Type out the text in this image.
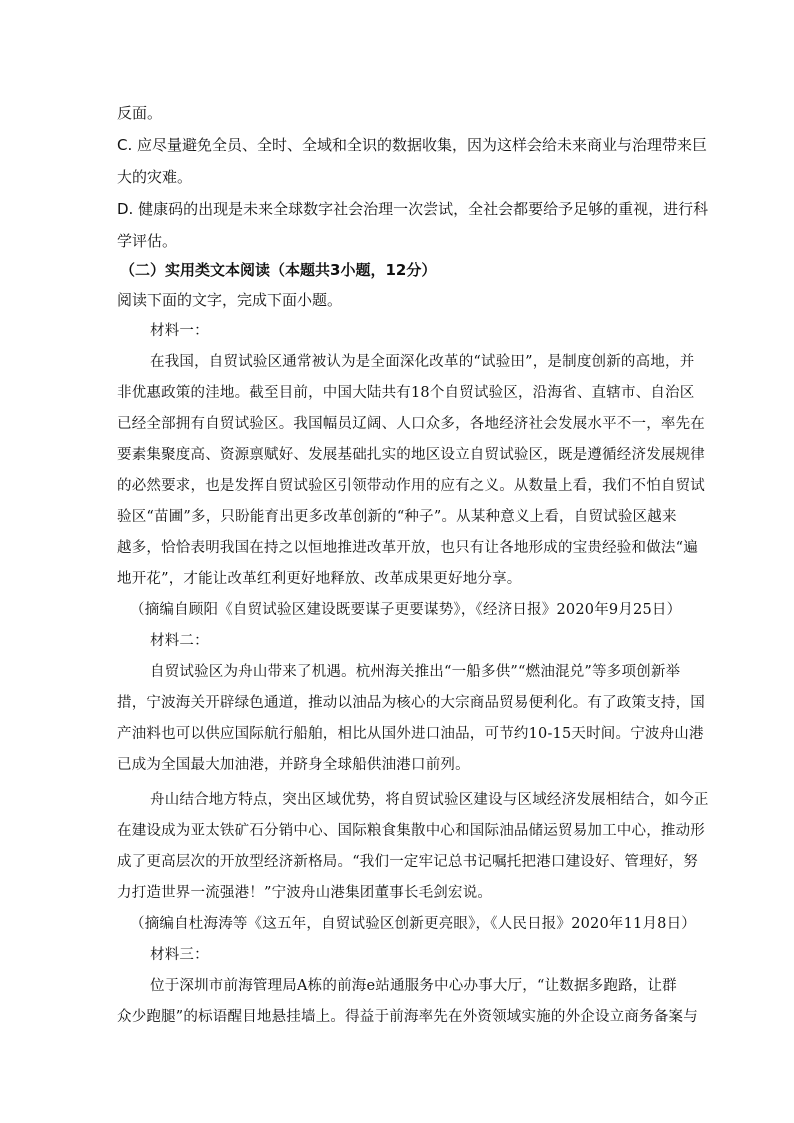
反面。
C. 应尽量避免全员、全时、全域和全识的数据收集，因为这样会给未来商业与治理带来巨
大的灾难。
D. 健康码的出现是未来全球数字社会治理一次尝试，全社会都要给予足够的重视，进行科
学评估。
（二）实用类文本阅读（本题共3小题，12分）
阅读下面的文字，完成下面小题。
材料一：
在我国，自贸试验区通常被认为是全面深化改革的“试验田”，是制度创新的高地，并
非优惠政策的洼地。截至目前，中国大陆共有18个自贸试验区，沿海省、直辖市、自治区
已经全部拥有自贸试验区。我国幅员辽阔、人口众多，各地经济社会发展水平不一，率先在
要素集聚度高、资源禀赋好、发展基础扎实的地区设立自贸试验区，既是遵循经济发展规律
的必然要求，也是发挥自贸试验区引领带动作用的应有之义。从数量上看，我们不怕自贸试
验区“苗圃”多，只盼能育出更多改革创新的“种子”。从某种意义上看，自贸试验区越来
越多，恰恰表明我国在持之以恒地推进改革开放，也只有让各地形成的宝贵经验和做法“遍
地开花”，才能让改革红利更好地释放、改革成果更好地分享。
（摘编自顾阳《自贸试验区建设既要谋子更要谋势》，《经济日报》2020年9月25日）
材料二：
自贸试验区为舟山带来了机遇。杭州海关推出“一船多供”“燃油混兑”等多项创新举
措，宁波海关开辟绿色通道，推动以油品为核心的大宗商品贸易便利化。有了政策支持，国
产油料也可以供应国际航行船舶，相比从国外进口油品，可节约10-15天时间。宁波舟山港
已成为全国最大加油港，并跻身全球船供油港口前列。
舟山结合地方特点，突出区域优势，将自贸试验区建设与区域经济发展相结合，如今正
在建设成为亚太铁矿石分销中心、国际粮食集散中心和国际油品储运贸易加工中心，推动形
成了更高层次的开放型经济新格局。“我们一定牢记总书记嘱托把港口建设好、管理好，努
力打造世界一流强港！”宁波舟山港集团董事长毛剑宏说。
（摘编自杜海涛等《这五年，自贸试验区创新更亮眼》，《人民日报》2020年11月8日）
材料三：
位于深圳市前海管理局A栋的前海e站通服务中心办事大厅，“让数据多跑路，让群
众少跑腿”的标语醒目地悬挂墙上。得益于前海率先在外资领域实施的外企设立商务备案与
